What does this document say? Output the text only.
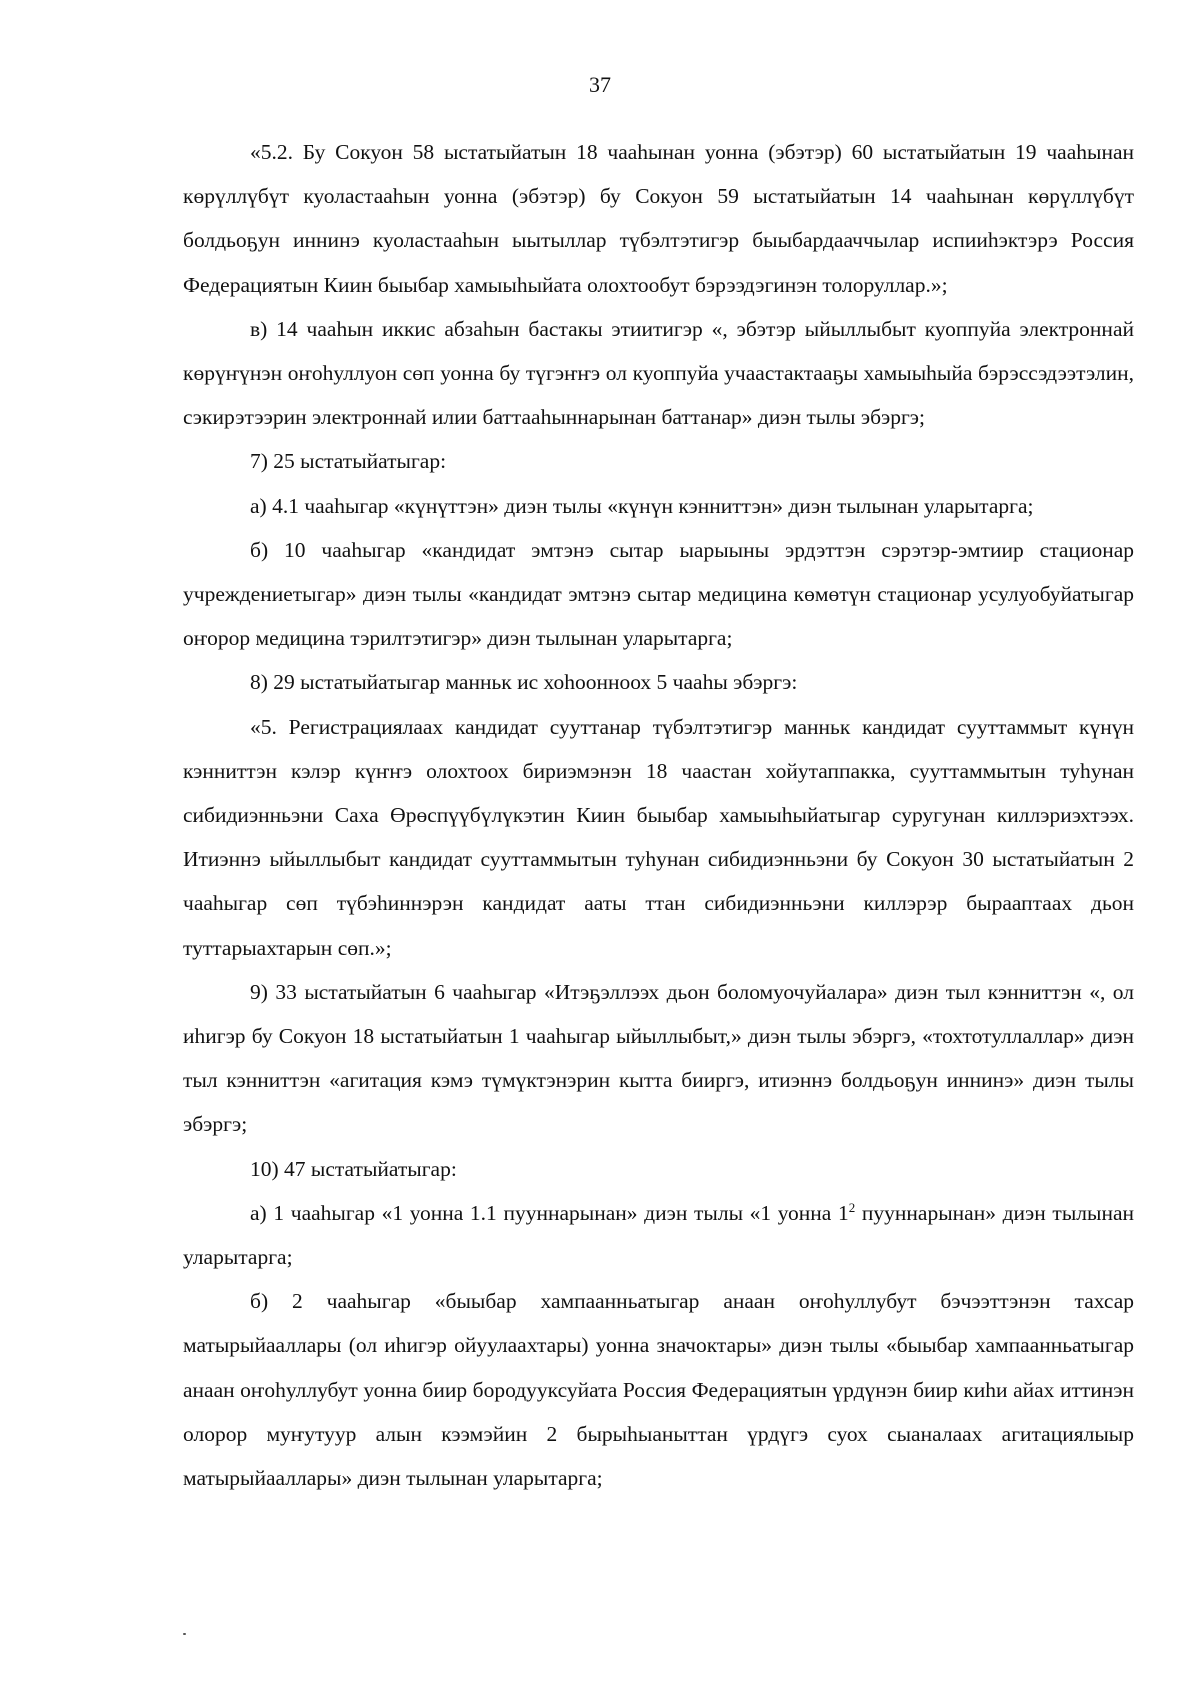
37

«5.2. Бу Сокуон 58 ыстатыйатын 18 чааһынан уонна (эбэтэр) 60 ыстатыйатын 19 чааһынан көрүллүбүт куоластааһын уонна (эбэтэр) бу Сокуон 59 ыстатыйатын 14 чааһынан көрүллүбүт болдьоҕун иннинэ куоластааһын ыытыллар түбэлтэтигэр быыбардааччылар испииһэктэрэ Россия Федерациятын Киин быыбар хамыыһыйата олохтообут бэрээдэгинэн толоруллар.»;

в) 14 чааһын иккис абзаһын бастакы этиитигэр «, эбэтэр ыйыллыбыт куоппуйа электроннай көрүҥүнэн оҥоһуллуон сөп уонна бу түгэҥҥэ ол куоппуйа учаастактааҕы хамыыһыйа бэрэссэдээтэлин, сэкирэтээрин электроннай илии баттааһыннарынан баттанар» диэн тылы эбэргэ;

7) 25 ыстатыйатыгар:

а) 4.1 чааһыгар «күнүттэн» диэн тылы «күнүн кэнниттэн» диэн тылынан уларытарга;

б) 10 чааһыгар «кандидат эмтэнэ сытар ыарыыны эрдэттэн сэрэтэр-эмтиир стационар учреждениетыгар» диэн тылы «кандидат эмтэнэ сытар медицина көмөтүн стационар усулуобуйатыгар оҥорор медицина тэрилтэтигэр» диэн тылынан уларытарга;

8) 29 ыстатыйатыгар манньк ис хоһоонноох 5 чааһы эбэргэ:

«5. Регистрациялаах кандидат сууттанар түбэлтэтигэр манньк кандидат сууттаммыт күнүн кэнниттэн кэлэр күҥҥэ олохтоох бириэмэнэн 18 чаастан хойутаппакка, сууттаммытын туһунан сибидиэнньэни Саха Өрөспүүбүлүкэтин Киин быыбар хамыыһыйатыгар суругунан киллэриэхтээх. Итиэннэ ыйыллыбыт кандидат сууттаммытын туһунан сибидиэнньэни бу Сокуон 30 ыстатыйатын 2 чааһыгар сөп түбэһиннэрэн кандидат ааты ттан сибидиэнньэни киллэрэр бырааптаах дьон туттарыахтарын сөп.»;

9) 33 ыстатыйатын 6 чааһыгар «Итэҕэллээх дьон боломуочуйалара» диэн тыл кэнниттэн «, ол иһигэр бу Сокуон 18 ыстатыйатын 1 чааһыгар ыйыллыбыт,» диэн тылы эбэргэ, «тохтотуллаллар» диэн тыл кэнниттэн «агитация кэмэ түмүктэнэрин кытта бииргэ, итиэннэ болдьоҕун иннинэ» диэн тылы эбэргэ;

10) 47 ыстатыйатыгар:

а) 1 чааһыгар «1 уонна 1.1 пууннарынан» диэн тылы «1 уонна $1^2$ пууннарынан» диэн тылынан уларытарга;

б) 2 чааһыгар «быыбар хампаанньатыгар анаан оҥоһуллубут бэчээттэнэн тахсар матырыйааллары (ол иһигэр ойуулаахтары) уонна значоктары» диэн тылы «быыбар хампаанньатыгар анаан оҥоһуллубут уонна биир бородууксуйата Россия Федерациятын үрдүнэн биир киһи айах иттинэн олорор муҥутуур алын кээмэйин 2 бырыһыаныттан үрдүгэ суох сыаналаах агитациялыыр матырыйааллары» диэн тылынан уларытарга;
